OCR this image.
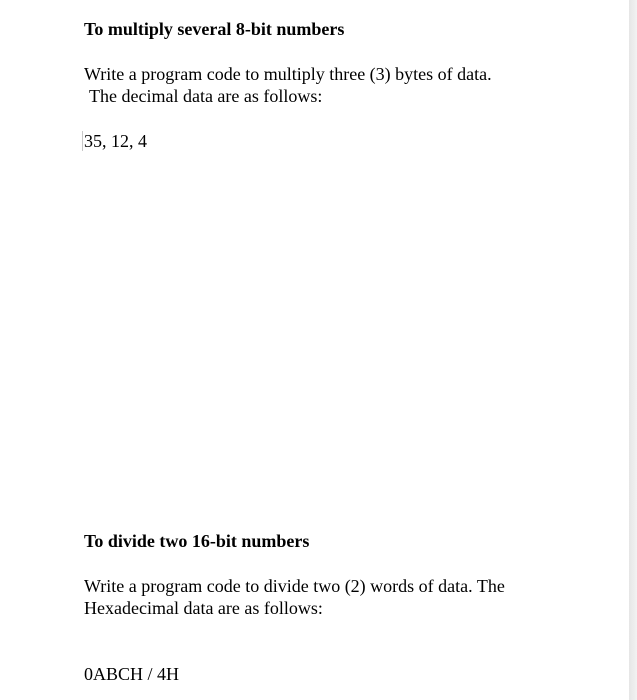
To multiply several 8-bit numbers

Write a program code to multiply three (3) bytes of data.
The decimal data are as follows:

35, 12, 4

To divide two 16-bit numbers

Write a program code to divide two (2) words of data. The
Hexadecimal data are as follows:

0ABCH / 4H
